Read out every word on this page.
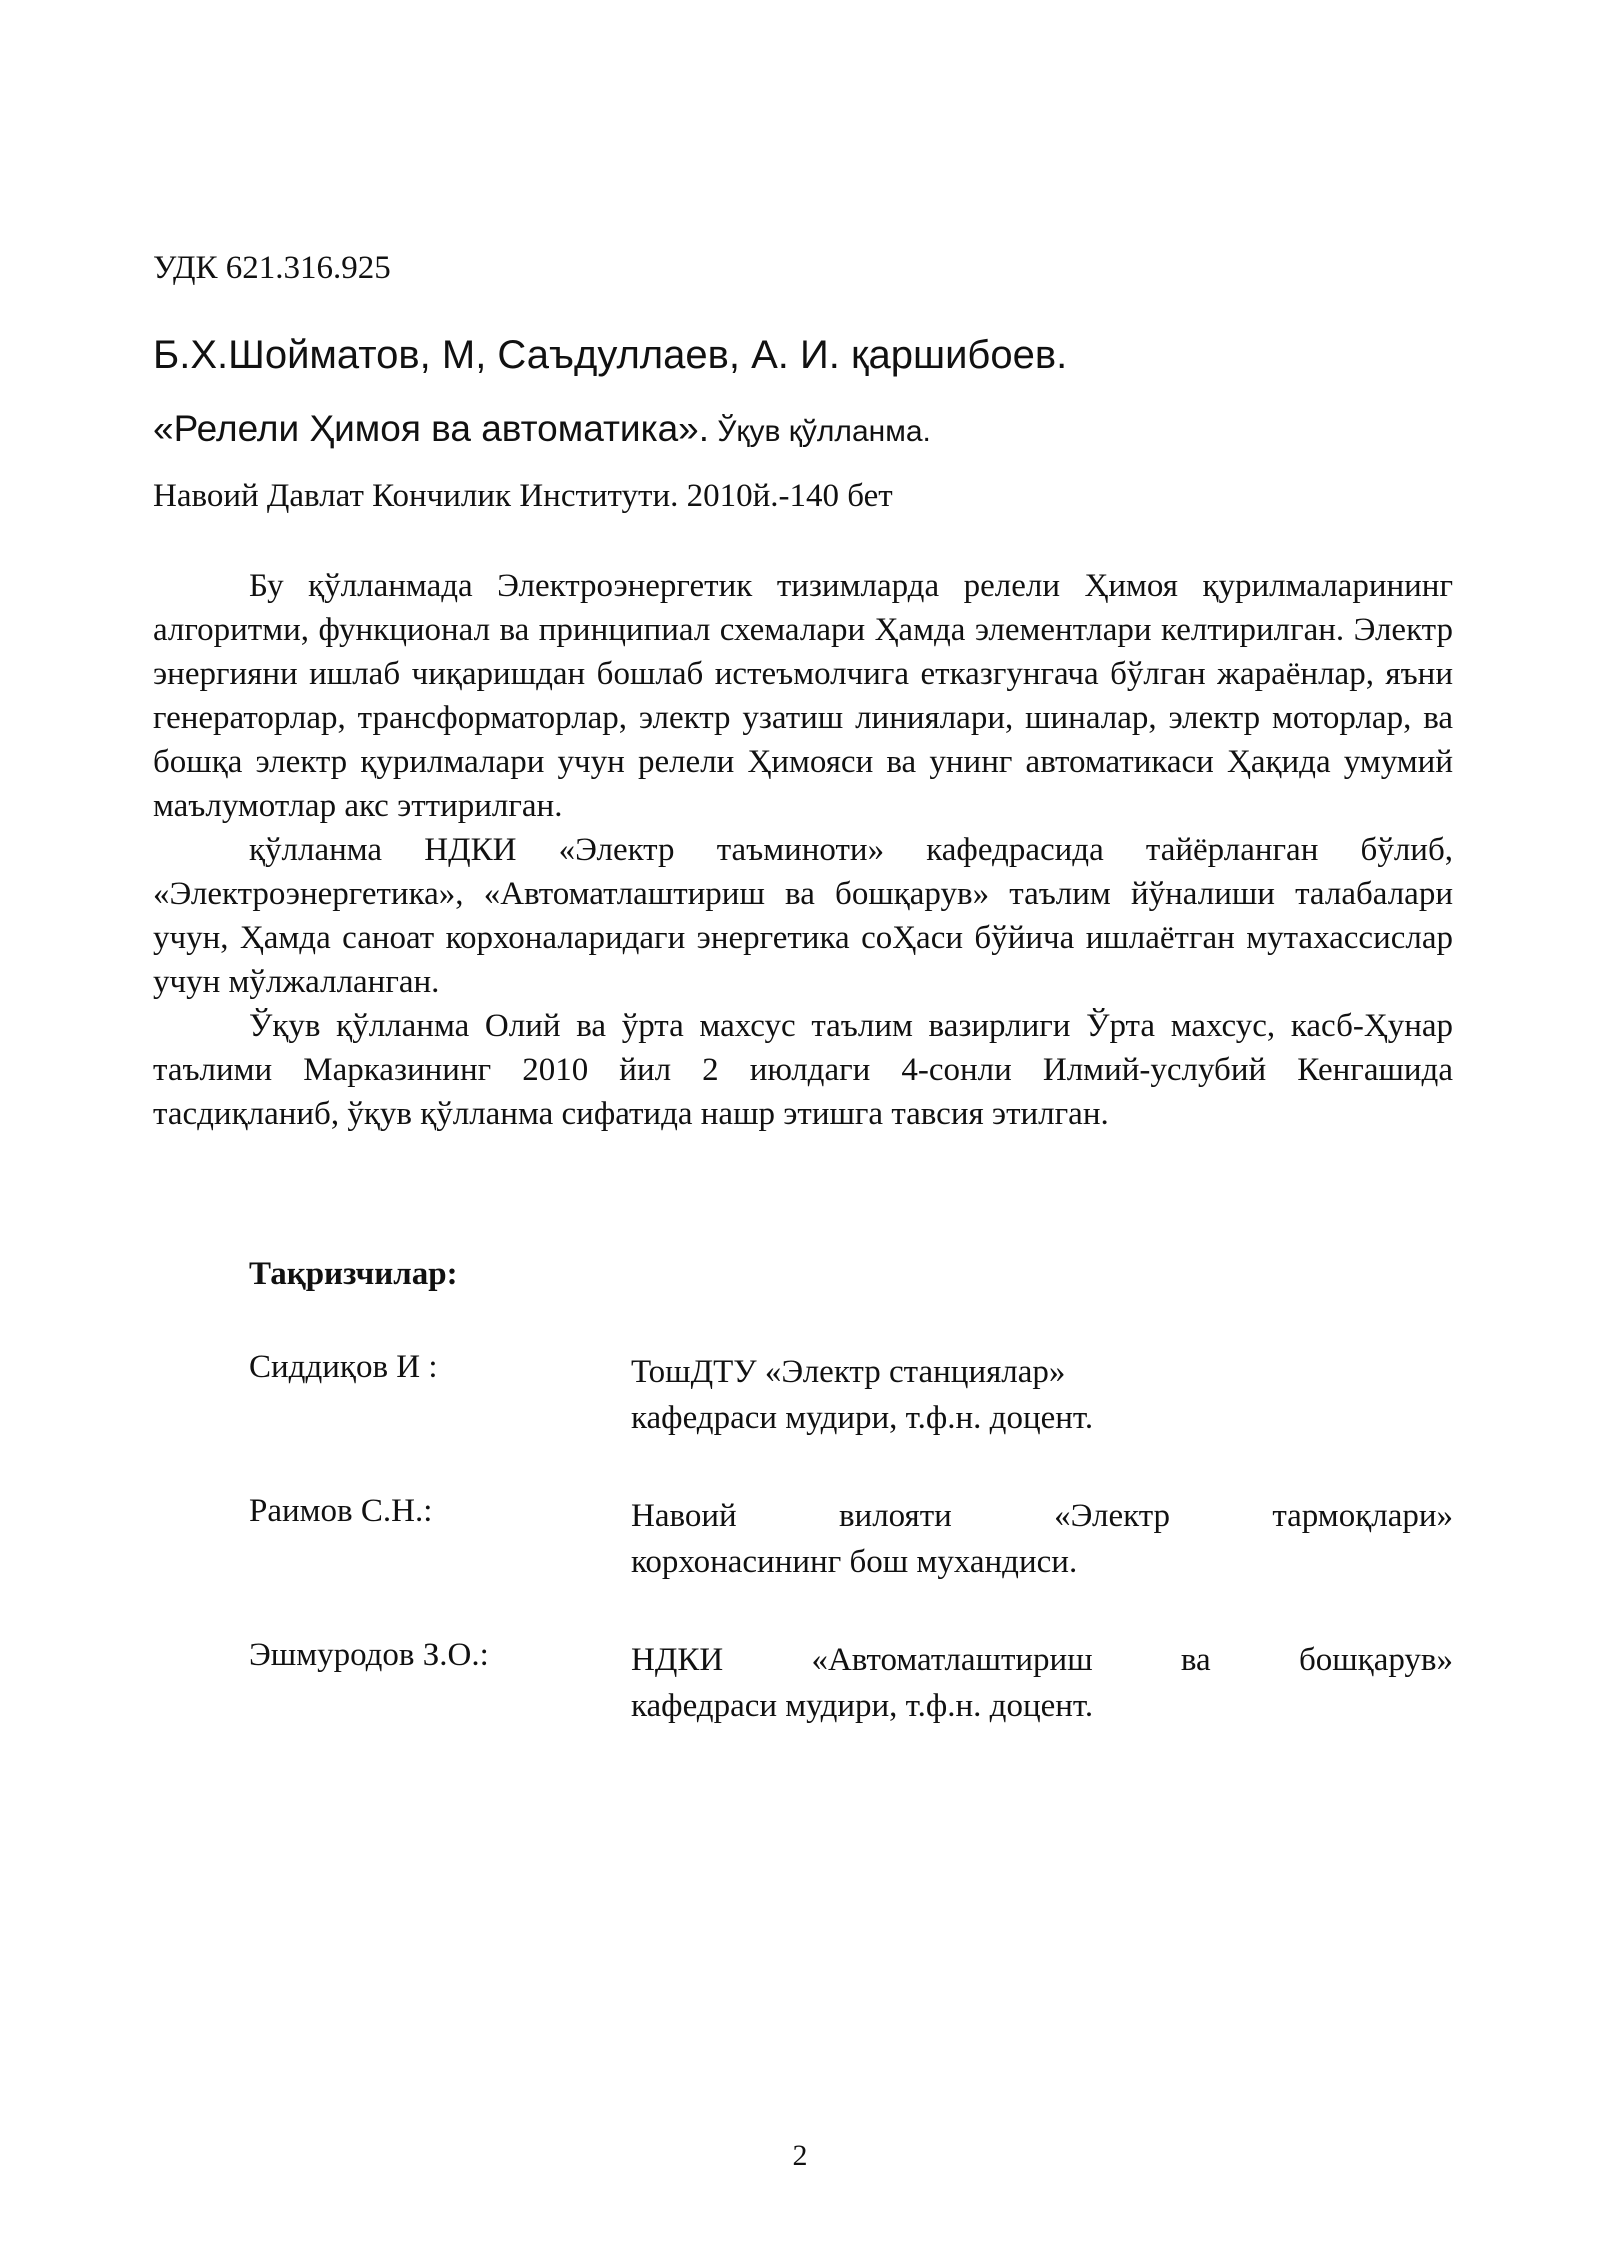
УДК 621.316.925
Б.Х.Шойматов, М, Саъдуллаев, А. И. қаршибоев.
«Релели Ҳимоя ва автоматика». Ўқув қўлланма.
Навоий Давлат Кончилик Институти. 2010й.-140 бет

Бу қўлланмада Электроэнергетик тизимларда релели Ҳимоя қурилмаларининг алгоритми, функционал ва принципиал схемалари Ҳамда элементлари келтирилган. Электр энергияни ишлаб чиқаришдан бошлаб истеъмолчига етказгунгача бўлган жараёнлар, яъни генераторлар, трансформаторлар, электр узатиш линиялари, шиналар, электр моторлар, ва бошқа электр қурилмалари учун релели Ҳимояси ва унинг автоматикаси Ҳақида умумий маълумотлар акс эттирилган.

қўлланма НДКИ «Электр таъминоти» кафедрасида тайёрланган бўлиб, «Электроэнергетика», «Автоматлаштириш ва бошқарув» таълим йўналиши талабалари учун, Ҳамда саноат корхоналаридаги энергетика соҲаси бўйича ишлаётган мутахассислар учун мўлжалланган.

Ўқув қўлланма Олий ва ўрта махсус таълим вазирлиги Ўрта махсус, касб-Ҳунар таълими Марказининг 2010 йил 2 июлдаги 4-сонли Илмий-услубий Кенгашида тасдиқланиб, ўқув қўлланма сифатида нашр этишга тавсия этилган.

Тақризчилар:
Сиддиқов И :	ТошДТУ «Электр станциялар»
кафедраси мудири, т.ф.н. доцент.
Раимов С.Н.:	Навоий вилояти «Электр тармоқлари»
корхонасининг бош мухандиси.
Эшмуродов З.О.:	НДКИ «Автоматлаштириш ва бошқарув»
кафедраси мудири, т.ф.н. доцент.
2
